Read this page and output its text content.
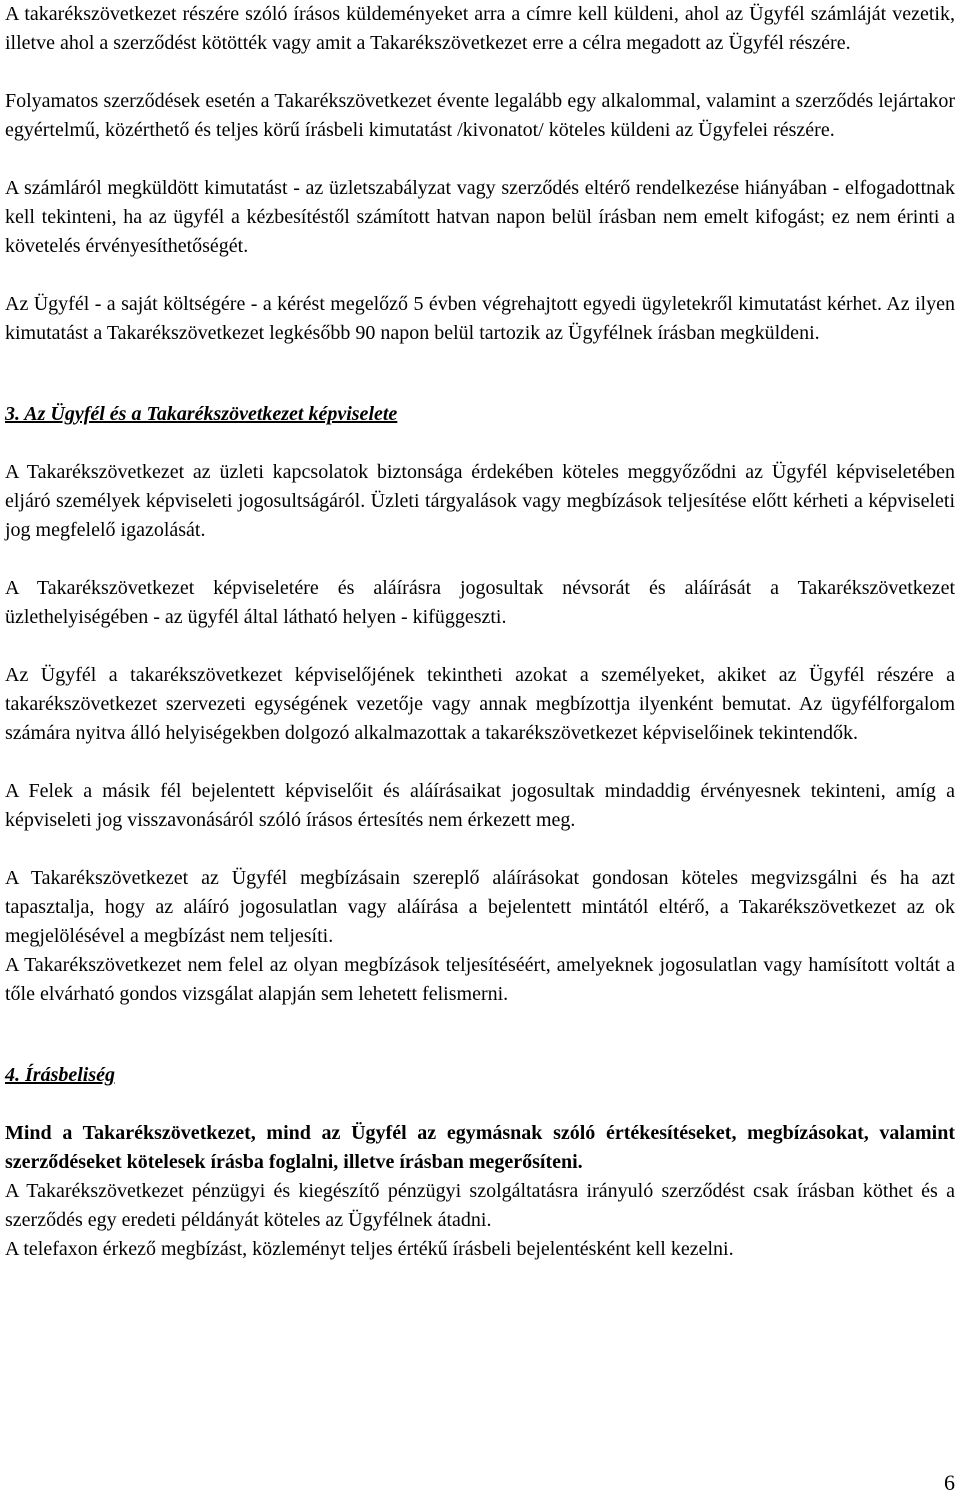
A takarékszövetkezet részére szóló írásos küldeményeket arra a címre kell küldeni, ahol az Ügyfél számláját vezetik, illetve ahol a szerződést kötötték vagy amit a Takarékszövetkezet erre a célra megadott az Ügyfél részére.

Folyamatos szerződések esetén a Takarékszövetkezet évente legalább egy alkalommal, valamint a szerződés lejártakor egyértelmű, közérthető és teljes körű írásbeli kimutatást /kivonatot/ köteles küldeni az Ügyfelei részére.

A számláról megküldött kimutatást - az üzletszabályzat vagy szerződés eltérő rendelkezése hiányában - elfogadottnak kell tekinteni, ha az ügyfél a kézbesítéstől számított hatvan napon belül írásban nem emelt kifogást; ez nem érinti a követelés érvényesíthetőségét.

Az Ügyfél - a saját költségére - a kérést megelőző 5 évben végrehajtott egyedi ügyletekről kimutatást kérhet. Az ilyen kimutatást a Takarékszövetkezet legkésőbb 90 napon belül tartozik az Ügyfélnek írásban megküldeni.

3. Az Ügyfél és a Takarékszövetkezet képviselete

A Takarékszövetkezet az üzleti kapcsolatok biztonsága érdekében köteles meggyőződni az Ügyfél képviseletében eljáró személyek képviseleti jogosultságáról. Üzleti tárgyalások vagy megbízások teljesítése előtt kérheti a képviseleti jog megfelelő igazolását.

A Takarékszövetkezet képviseletére és aláírásra jogosultak névsorát és aláírását a Takarékszövetkezet üzlethelyiségében - az ügyfél által látható helyen - kifüggeszti.

Az Ügyfél a takarékszövetkezet képviselőjének tekintheti azokat a személyeket, akiket az Ügyfél részére a takarékszövetkezet szervezeti egységének vezetője vagy annak megbízottja ilyenként bemutat. Az ügyfélforgalom számára nyitva álló helyiségekben dolgozó alkalmazottak a takarékszövetkezet képviselőinek tekintendők.

A Felek a másik fél bejelentett képviselőit és aláírásaikat jogosultak mindaddig érvényesnek tekinteni, amíg a képviseleti jog visszavonásáról szóló írásos értesítés nem érkezett meg.

A Takarékszövetkezet az Ügyfél megbízásain szereplő aláírásokat gondosan köteles megvizsgálni és ha azt tapasztalja, hogy az aláíró jogosulatlan vagy aláírása a bejelentett mintától eltérő, a Takarékszövetkezet az ok megjelölésével a megbízást nem teljesíti.

A Takarékszövetkezet nem felel az olyan megbízások teljesítéséért, amelyeknek jogosulatlan vagy hamísított voltát a tőle elvárható gondos vizsgálat alapján sem lehetett felismerni.

4. Írásbeliség

Mind a Takarékszövetkezet, mind az Ügyfél az egymásnak szóló értékesítéseket, megbízásokat, valamint szerződéseket kötelesek írásba foglalni, illetve írásban megerősíteni.

A Takarékszövetkezet pénzügyi és kiegészítő pénzügyi szolgáltatásra irányuló szerződést csak írásban köthet és a szerződés egy eredeti példányát köteles az Ügyfélnek átadni.

A telefaxon érkező megbízást, közleményt teljes értékű írásbeli bejelentésként kell kezelni.

6
